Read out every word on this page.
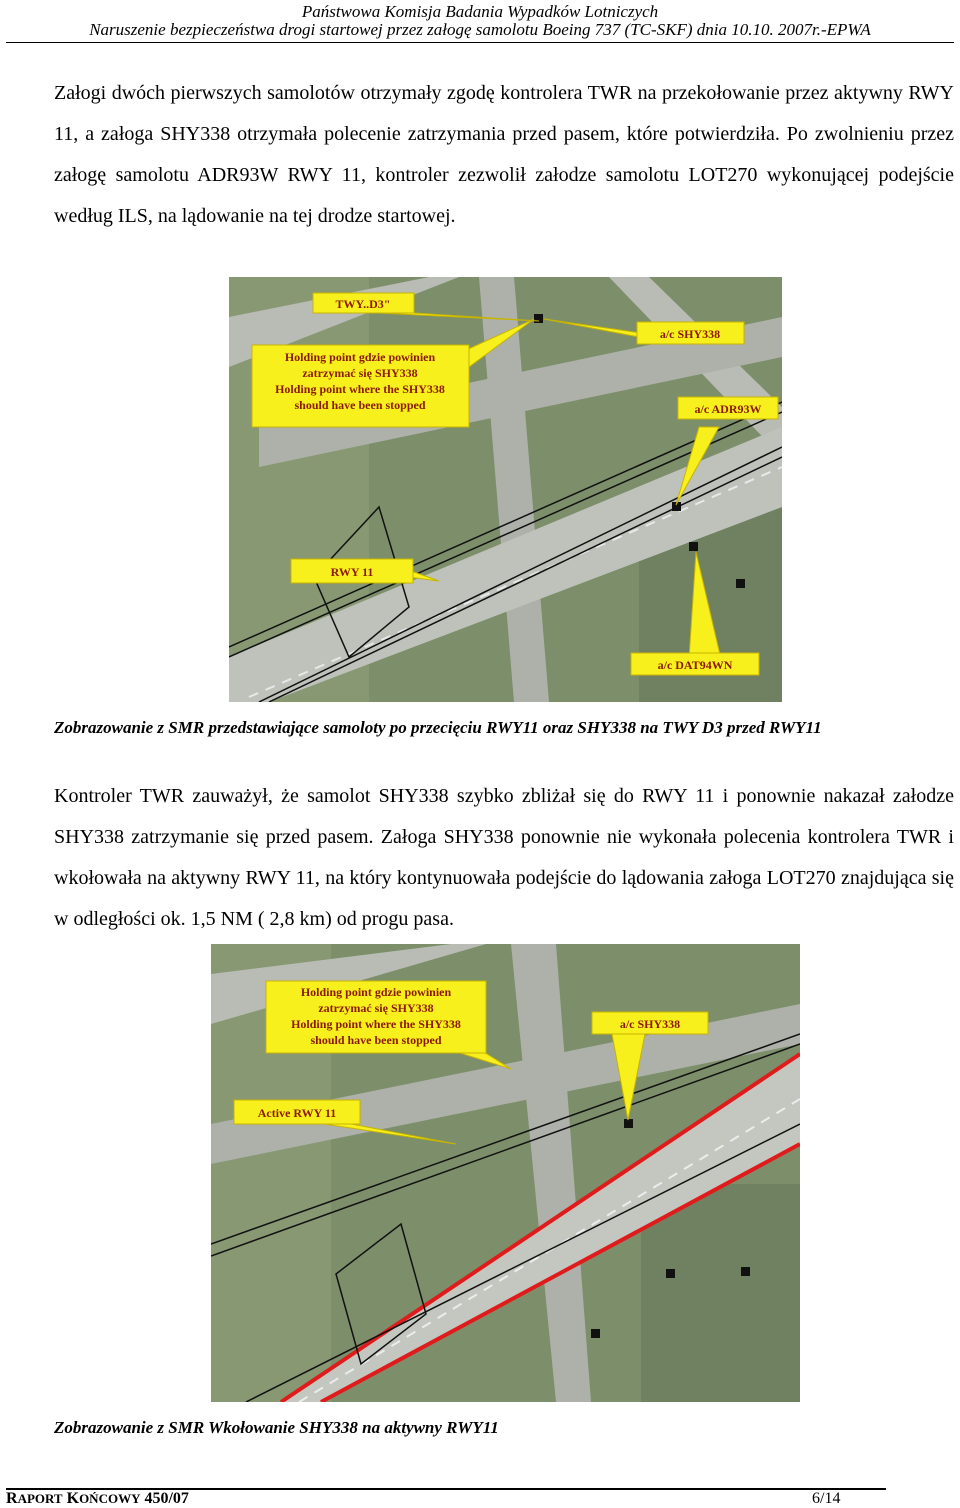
Państwowa Komisja Badania Wypadków Lotniczych
Naruszenie bezpieczeństwa drogi startowej przez załogę samolotu Boeing 737 (TC-SKF) dnia 10.10. 2007r.-EPWA
Załogi dwóch pierwszych samolotów otrzymały zgodę kontrolera TWR na przekołowanie przez aktywny RWY 11, a załoga SHY338 otrzymała polecenie zatrzymania przed pasem, które potwierdziła. Po zwolnieniu przez załogę samolotu ADR93W RWY 11, kontroler zezwolił załodze samolotu LOT270 wykonującej podejście według ILS, na lądowanie na tej drodze startowej.
TWY..D3"
Holding point gdzie powinien
zatrzymać się SHY338
Holding point where the SHY338
should have been stopped
a/c SHY338
a/c ADR93W
RWY 11
a/c DAT94WN
Zobrazowanie z SMR przedstawiające samoloty po przecięciu RWY11 oraz SHY338 na TWY D3 przed RWY11
Kontroler TWR zauważył, że samolot SHY338 szybko zbliżał się do RWY 11 i ponownie nakazał załodze SHY338 zatrzymanie się przed pasem. Załoga SHY338 ponownie nie wykonała polecenia kontrolera TWR i wkołowała na aktywny RWY 11, na który kontynuowała podejście do lądowania załoga LOT270 znajdująca się w odległości ok. 1,5 NM ( 2,8 km) od progu pasa.
Holding point gdzie powinien
zatrzymać się SHY338
Holding point where the SHY338
should have been stopped
a/c SHY338
Active RWY 11
Zobrazowanie z SMR Wkołowanie SHY338 na aktywny RWY11
RAPORT KOŃCOWY 450/07	6/14
